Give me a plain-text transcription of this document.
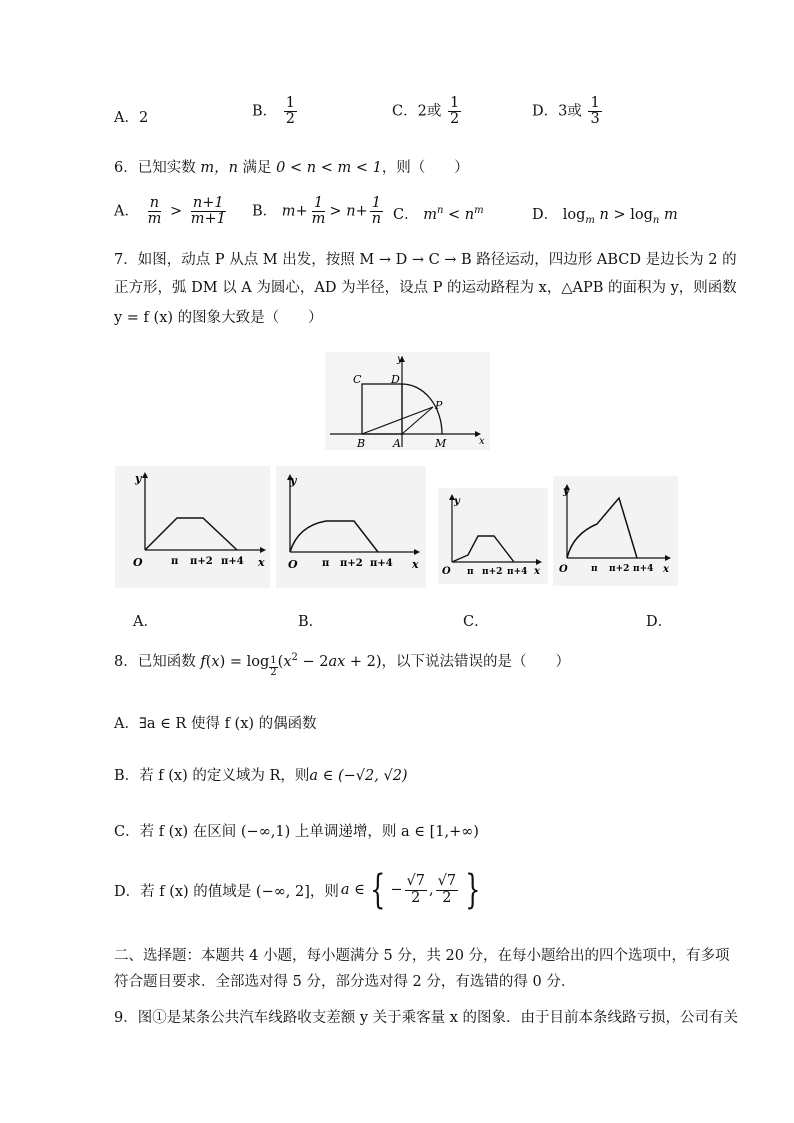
A．2	B． $\frac{1}{2}$	C．2或 $\frac{1}{2}$	D．3或 $\frac{1}{3}$
6．已知实数 m，n 满足 0 < n < m < 1，则（　　）
A． $\frac{n}{m} > \frac{n+1}{m+1}$ B． $m+ \frac{1}{m} > n+ \frac{1}{n}$ C． $m^n < n^m$	D． $\log_m n > \log_n m$
7．如图，动点 P 从点 M 出发，按照 M → D → C → B 路径运动，四边形 ABCD 是边长为 2 的
正方形，弧 DM 以 A 为圆心，AD 为半径，设点 P 的运动路程为 x，△APB 的面积为 y，则函数
y = f (x) 的图象大致是（　　）
y
C	D
P
B	A	M	x
y
x
O	π π+2 π+4
y
x
O π π+2 π+4
y
x
O π π+2 π+4
y
x
O	π π+2 π+4
A．	B．	C．	D．
8．已知函数 f(x) = log $_{\frac{1}{2}}$ $(x^2 - 2ax + 2)$，以下说法错误的是（　　）
A．∃a ∈ R 使得 f (x) 的偶函数
B．若 f (x) 的定义域为 R，则a ∈ (−√2, √2)
C．若 f (x) 在区间 (−∞,1) 上单调递增，则 a ∈ [1,+∞)
D．若 f (x) 的值域是 (−∞, 2]，则 a ∈ { − $\frac{√7}{2}$ , $\frac{√7}{2}$ }
二、选择题：本题共 4 小题，每小题满分 5 分，共 20 分，在每小题给出的四个选项中，有多项
符合题目要求．全部选对得 5 分，部分选对得 2 分，有选错的得 0 分．
9．图①是某条公共汽车线路收支差额 y 关于乘客量 x 的图象．由于目前本条线路亏损，公司有关
